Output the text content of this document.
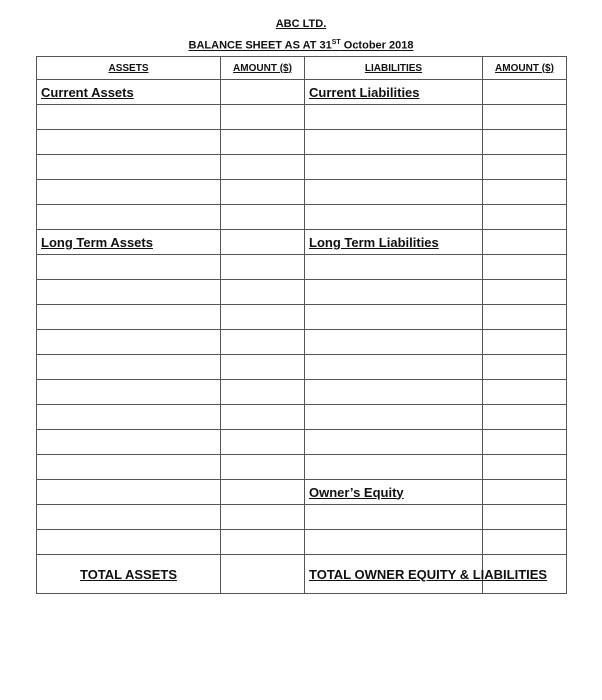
ABC LTD.
BALANCE SHEET AS AT 31ST October 2018
ASSETS	AMOUNT ($)	LIABILITIES	AMOUNT ($)
Current Assets		Current Liabilities	

Long Term Assets		Long Term Liabilities	

		Owner’s Equity	

TOTAL ASSETS		TOTAL OWNER EQUITY & LIABILITIES	
